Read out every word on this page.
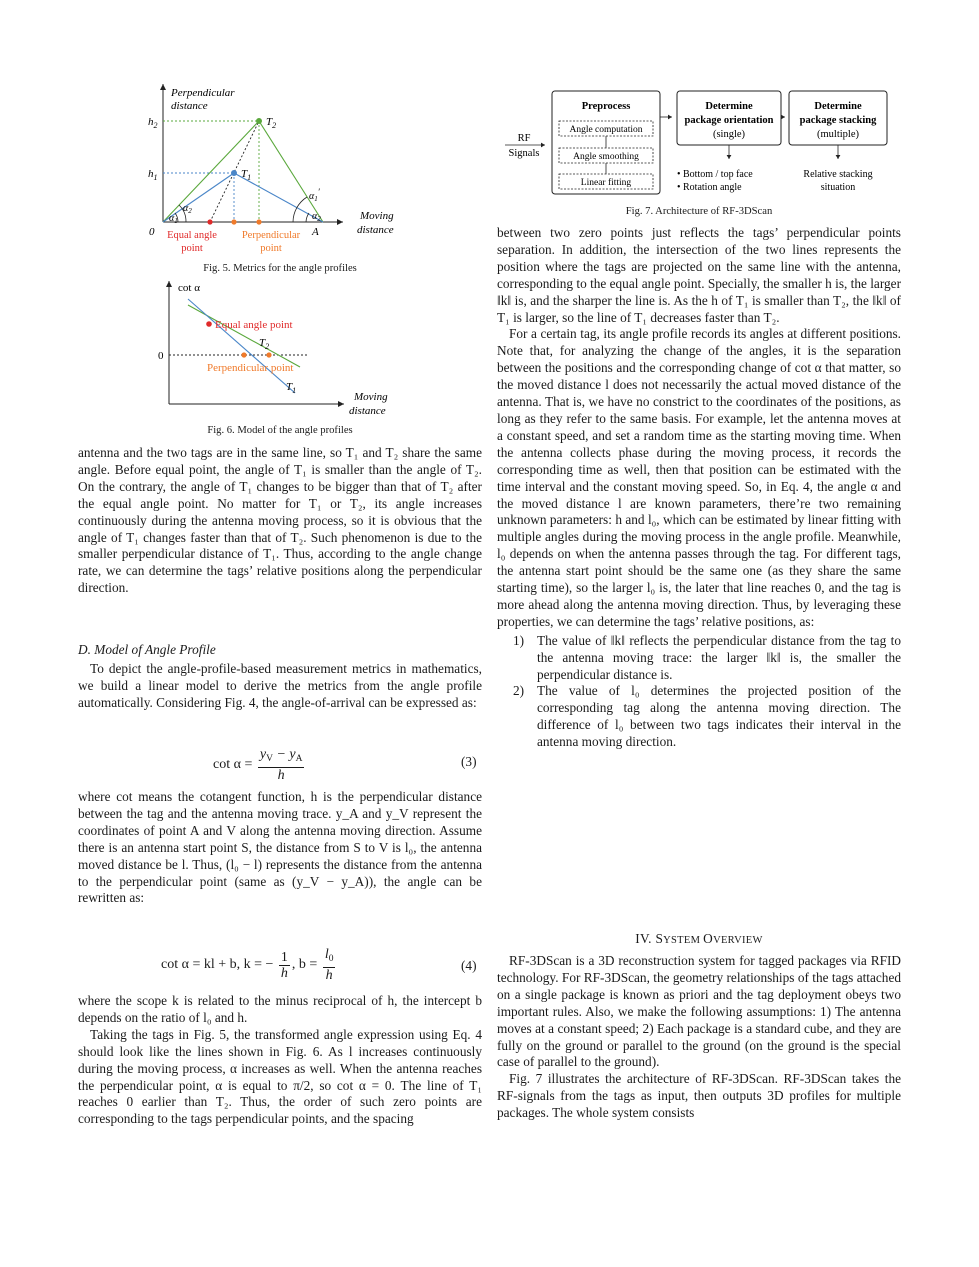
Perpendicular
distance
$h_2$
$h_1$
$T_2$
$T_1$
$\alpha_1$
$\alpha_2$
$\alpha_1'$
$\alpha_2$
0	A
Moving
distance
Equal angle
point
Perpendicular
point
Fig. 5. Metrics for the angle profiles
cot α
0
Equal angle point
$T_2$
Perpendicular point
$T_1$
Moving
distance
Fig. 6. Model of the angle profiles

antenna and the two tags are in the same line, so T₁ and T₂ share the same angle. Before equal point, the angle of T₁ is smaller than the angle of T₂. On the contrary, the angle of T₁ changes to be bigger than that of T₂ after the equal angle point. No matter for T₁ or T₂, its angle increases continuously during the antenna moving process, so it is obvious that the angle of T₁ changes faster than that of T₂. Such phenomenon is due to the smaller perpendicular distance of T₁. Thus, according to the angle change rate, we can determine the tags’ relative positions along the perpendicular direction.

D. Model of Angle Profile

To depict the angle-profile-based measurement metrics in mathematics, we build a linear model to derive the metrics from the angle profile automatically. Considering Fig. 4, the angle-of-arrival can be expressed as:

$\cot \alpha = \frac{y_V - y_A}{h}$	(3)

where cot means the cotangent function, h is the perpendicular distance between the tag and the antenna moving trace. y_A and y_V represent the coordinates of point A and V along the antenna moving direction. Assume there is an antenna start point S, the distance from S to V is l₀, the antenna moved distance be l. Thus, (l₀ − l) represents the distance from the antenna to the perpendicular point (same as (y_V − y_A)), the angle can be rewritten as:

cot α = kl + b, k = − $\frac{1}{h}$ , $b = \frac{l_0}{h}$	(4)

where the scope k is related to the minus reciprocal of h, the intercept b depends on the ratio of l₀ and h.

Taking the tags in Fig. 5, the transformed angle expression using Eq. 4 should look like the lines shown in Fig. 6. As l increases continuously during the moving process, α increases as well. When the antenna reaches the perpendicular point, α is equal to π/2, so cot α = 0. The line of T₁ reaches 0 earlier than T₂. Thus, the order of such zero points are corresponding to the tags perpendicular points, and the spacing

RF
Signals
Preprocess
Angle computation
Angle smoothing
Linear fitting
Determine
package orientation
(single)
Determine
package stacking
(multiple)
• Bottom / top face
• Rotation angle
Relative stacking
situation
Fig. 7. Architecture of RF-3DScan

between two zero points just reflects the tags’ perpendicular points separation. In addition, the intersection of the two lines represents the position where the tags are projected on the same line with the antenna, corresponding to the equal angle point. Specially, the smaller h is, the larger ‖k‖ is, and the sharper the line is. As the h of T₁ is smaller than T₂, the ‖k‖ of T₁ is larger, so the line of T₁ decreases faster than T₂.

For a certain tag, its angle profile records its angles at different positions. Note that, for analyzing the change of the angles, it is the separation between the positions and the corresponding change of cot α that matter, so the moved distance l does not necessarily the actual moved distance of the antenna. That is, we have no constrict to the coordinates of the positions, as long as they refer to the same basis. For example, let the antenna moves at a constant speed, and set a random time as the starting moving time. When the antenna collects phase during the moving process, it records the corresponding time as well, then that position can be estimated with the time interval and the constant moving speed. So, in Eq. 4, the angle α and the moved distance l are known parameters, there’re two remaining unknown parameters: h and l₀, which can be estimated by linear fitting with multiple angles during the moving process in the angle profile. Meanwhile, l₀ depends on when the antenna passes through the tag. For different tags, the antenna start point should be the same one (as they share the same starting time), so the larger l₀ is, the later that line reaches 0, and the tag is more ahead along the antenna moving direction. Thus, by leveraging these properties, we can determine the tags’ relative positions, as:

1) The value of ‖k‖ reflects the perpendicular distance from the tag to the antenna moving trace: the larger ‖k‖ is, the smaller the perpendicular distance is.
2) The value of l₀ determines the projected position of the corresponding tag along the antenna moving direction. The difference of l₀ between two tags indicates their interval in the antenna moving direction.
IV. SYSTEM OVERVIEW

RF-3DScan is a 3D reconstruction system for tagged packages via RFID technology. For RF-3DScan, the geometry relationships of the tags attached on a single package is known as priori and the tag deployment obeys two important rules. Also, we make the following assumptions: 1) The antenna moves at a constant speed; 2) Each package is a standard cube, and they are fully on the ground or parallel to the ground (on the ground is the special case of parallel to the ground).

Fig. 7 illustrates the architecture of RF-3DScan. RF-3DScan takes the RF-signals from the tags as input, then outputs 3D profiles for multiple packages. The whole system consists
